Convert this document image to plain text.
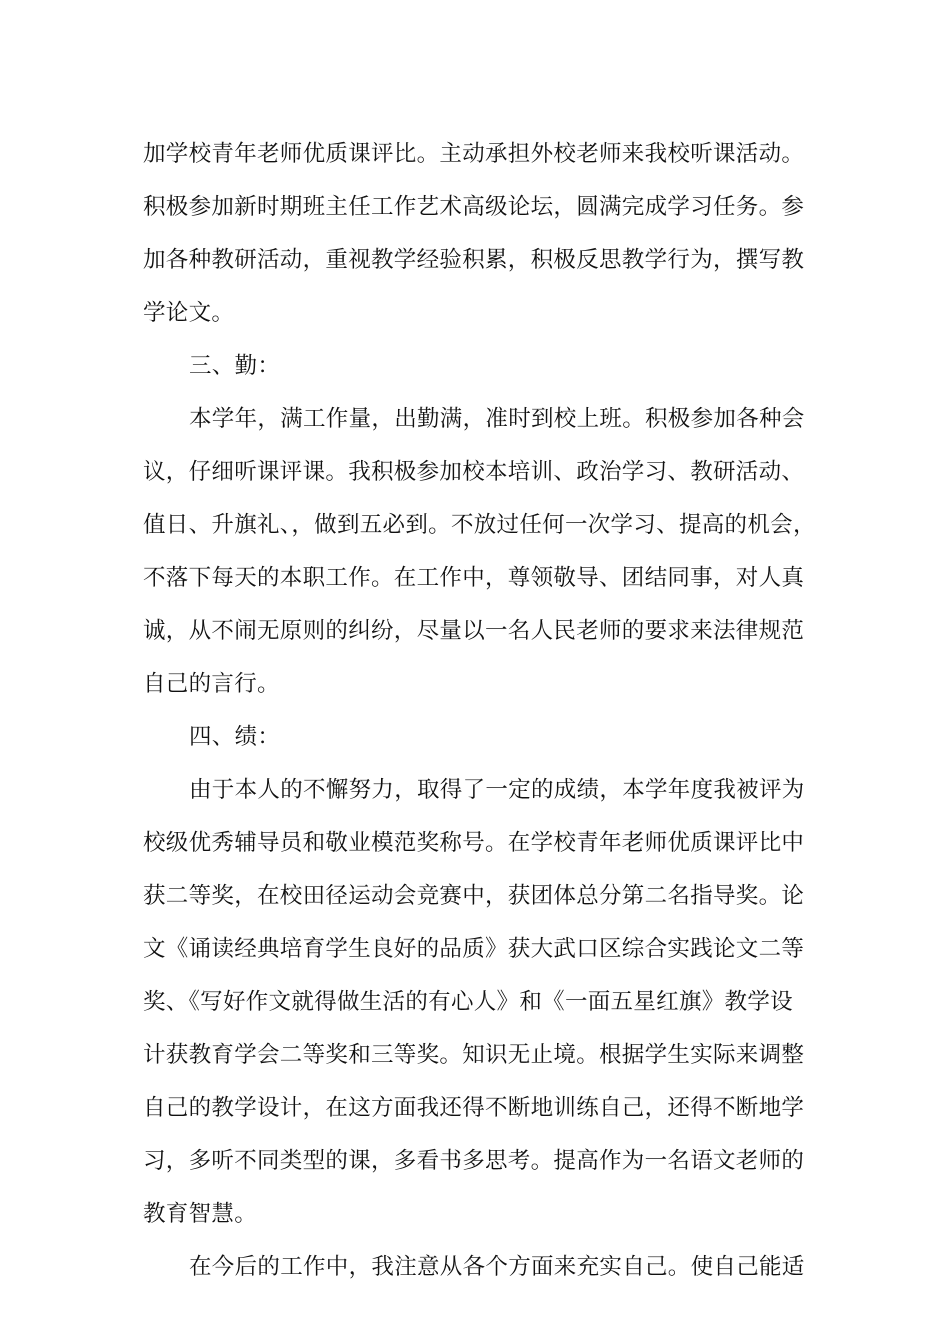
加学校青年老师优质课评比。主动承担外校老师来我校听课活动。
积极参加新时期班主任工作艺术高级论坛，圆满完成学习任务。参
加各种教研活动，重视教学经验积累，积极反思教学行为，撰写教
学论文。
三、勤：
本学年，满工作量，出勤满，准时到校上班。积极参加各种会
议，仔细听课评课。我积极参加校本培训、政治学习、教研活动、
值日、升旗礼、，做到五必到。不放过任何一次学习、提高的机会，
不落下每天的本职工作。在工作中，尊领敬导、团结同事，对人真
诚，从不闹无原则的纠纷，尽量以一名人民老师的要求来法律规范
自己的言行。
四、绩：
由于本人的不懈努力，取得了一定的成绩，本学年度我被评为
校级优秀辅导员和敬业模范奖称号。在学校青年老师优质课评比中
获二等奖，在校田径运动会竞赛中，获团体总分第二名指导奖。论
文《诵读经典培育学生良好的品质》获大武口区综合实践论文二等
奖、《写好作文就得做生活的有心人》和《一面五星红旗》教学设
计获教育学会二等奖和三等奖。知识无止境。根据学生实际来调整
自己的教学设计，在这方面我还得不断地训练自己，还得不断地学
习，多听不同类型的课，多看书多思考。提高作为一名语文老师的
教育智慧。
在今后的工作中，我注意从各个方面来充实自己。使自己能适
